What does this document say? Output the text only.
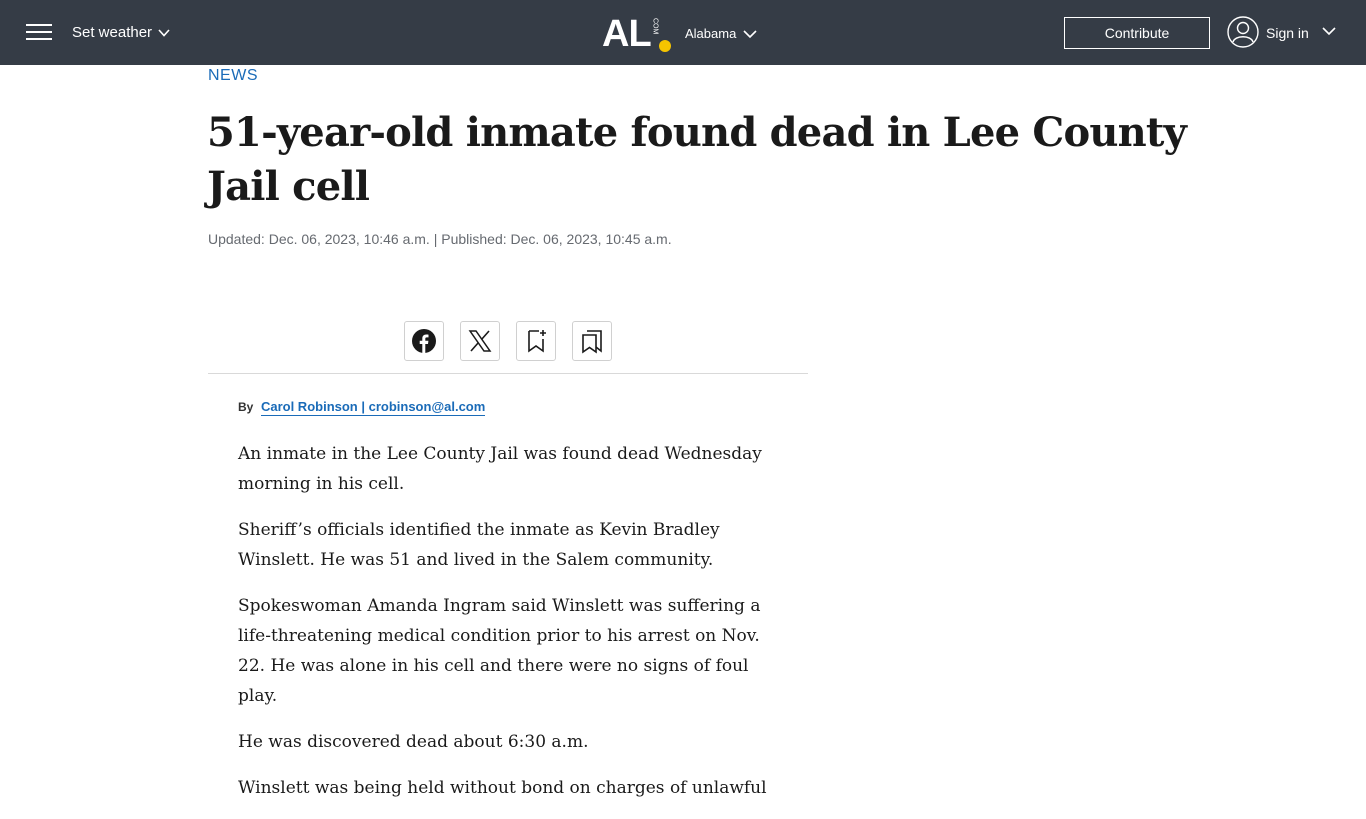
Set weather	AL COM Alabama	Contribute	Sign in
NEWS
51-year-old inmate found dead in Lee County Jail cell
Updated: Dec. 06, 2023, 10:46 a.m. | Published: Dec. 06, 2023, 10:45 a.m.
By Carol Robinson | crobinson@al.com

An inmate in the Lee County Jail was found dead Wednesday morning in his cell.

Sheriff’s officials identified the inmate as Kevin Bradley Winslett. He was 51 and lived in the Salem community.

Spokeswoman Amanda Ingram said Winslett was suffering a life-threatening medical condition prior to his arrest on Nov. 22. He was alone in his cell and there were no signs of foul play.

He was discovered dead about 6:30 a.m.

Winslett was being held without bond on charges of unlawful
